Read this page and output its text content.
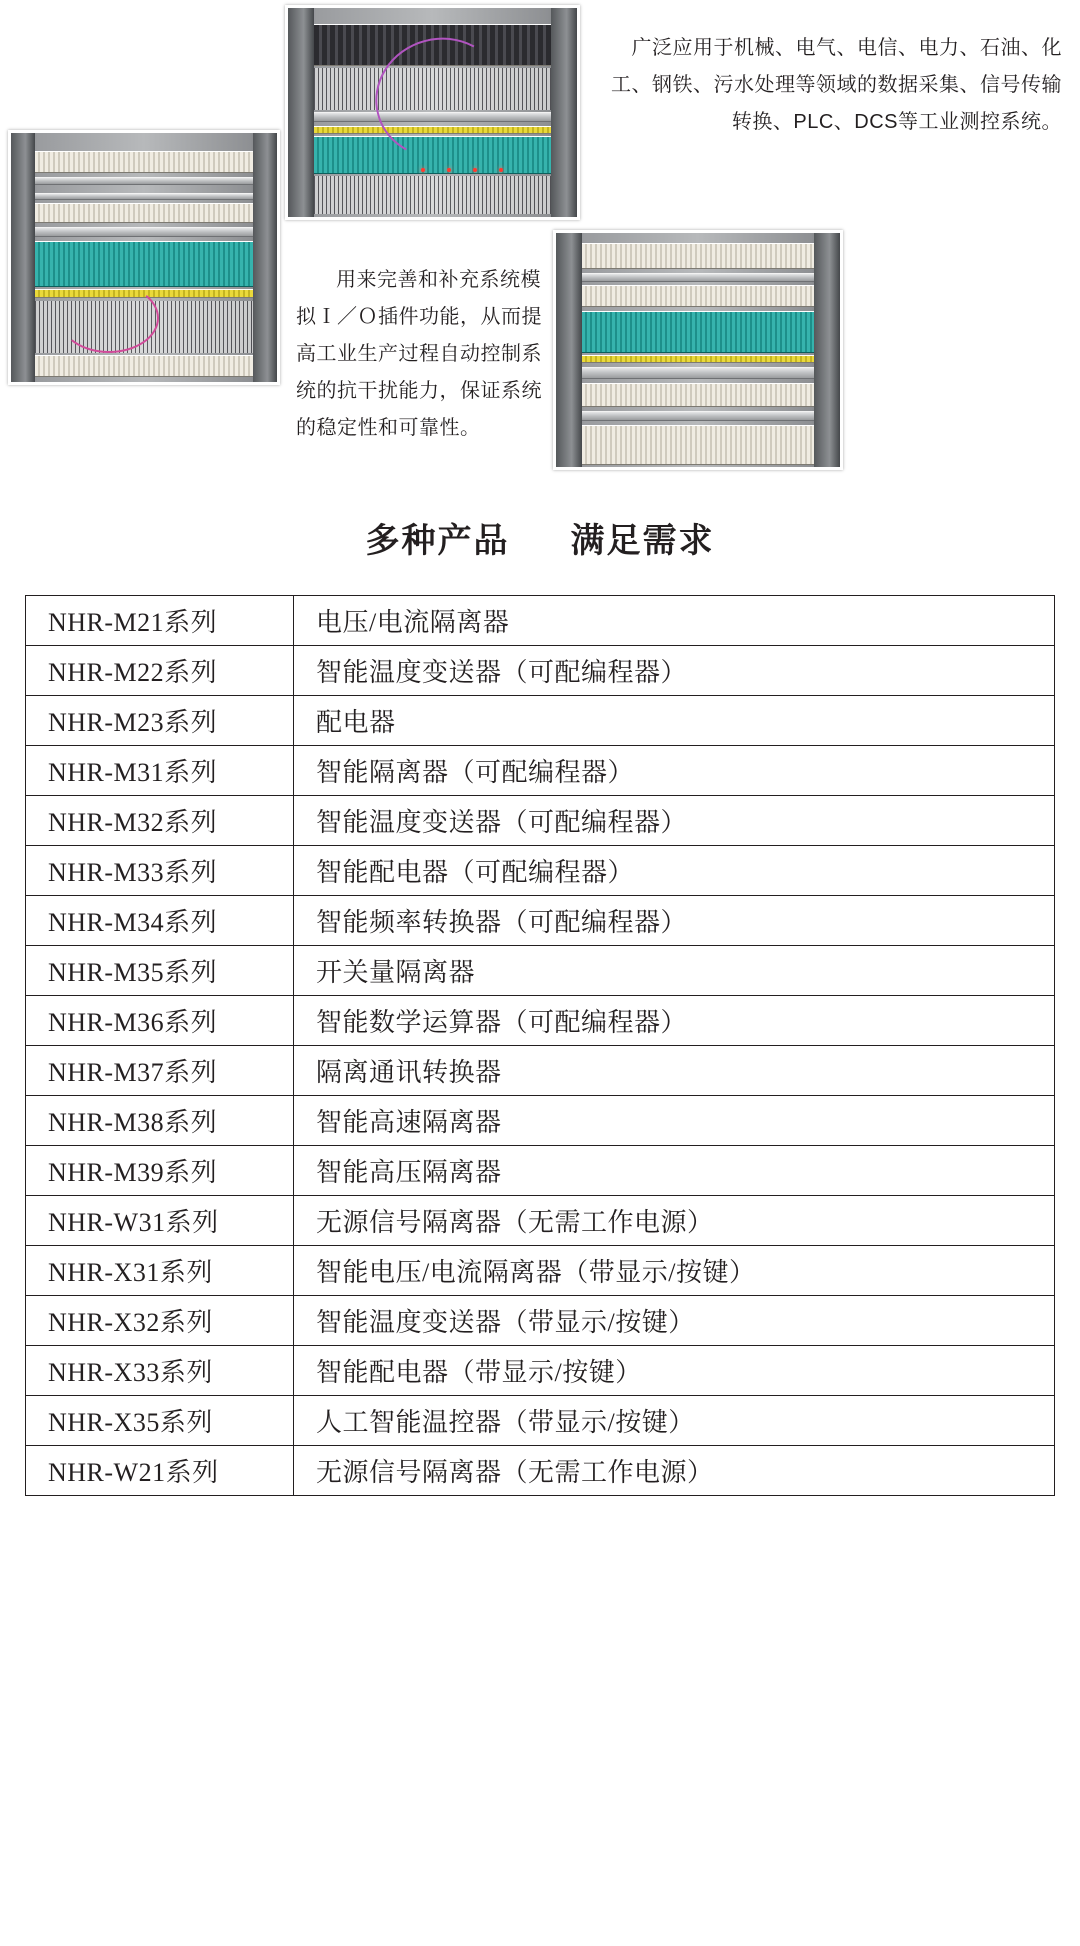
广泛应用于机械、电气、电信、电力、石油、化工、钢铁、污水处理等领域的数据采集、信号传输转换、PLC、DCS等工业测控系统。
用来完善和补充系统模拟Ｉ／Ｏ插件功能，从而提高工业生产过程自动控制系统的抗干扰能力，保证系统的稳定性和可靠性。
多种产品 满足需求
NHR-M21系列	电压/电流隔离器
NHR-M22系列	智能温度变送器（可配编程器）
NHR-M23系列	配电器
NHR-M31系列	智能隔离器（可配编程器）
NHR-M32系列	智能温度变送器（可配编程器）
NHR-M33系列	智能配电器（可配编程器）
NHR-M34系列	智能频率转换器（可配编程器）
NHR-M35系列	开关量隔离器
NHR-M36系列	智能数学运算器（可配编程器）
NHR-M37系列	隔离通讯转换器
NHR-M38系列	智能高速隔离器
NHR-M39系列	智能高压隔离器
NHR-W31系列	无源信号隔离器（无需工作电源）
NHR-X31系列	智能电压/电流隔离器（带显示/按键）
NHR-X32系列	智能温度变送器（带显示/按键）
NHR-X33系列	智能配电器（带显示/按键）
NHR-X35系列	人工智能温控器（带显示/按键）
NHR-W21系列	无源信号隔离器（无需工作电源）
